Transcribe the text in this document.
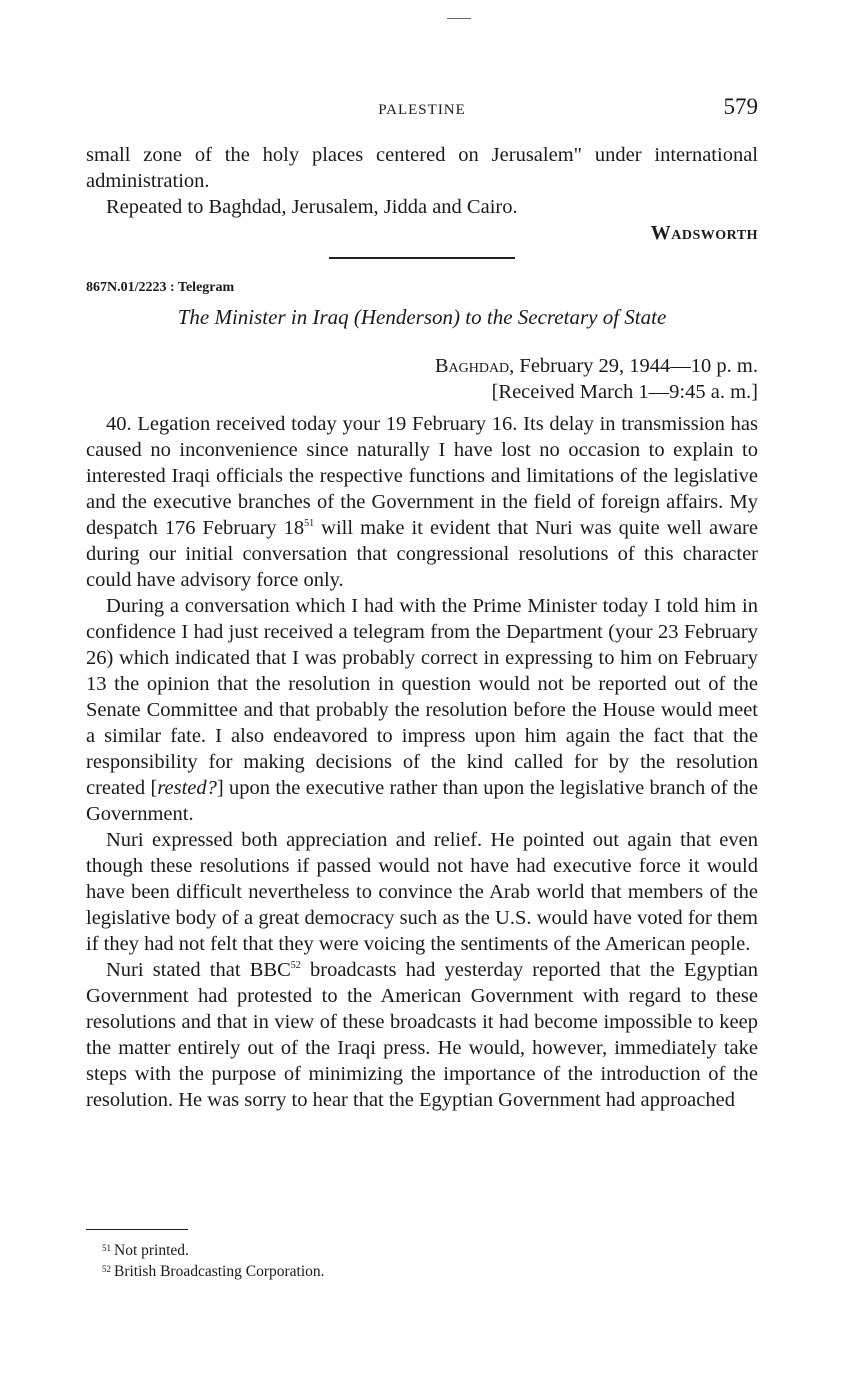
PALESTINE	579

small zone of the holy places centered on Jerusalem" under international administration.

Repeated to Baghdad, Jerusalem, Jidda and Cairo.

Wadsworth
867N.01/2223 : Telegram
The Minister in Iraq (Henderson) to the Secretary of State
Baghdad, February 29, 1944—10 p. m.
[Received March 1—9:45 a. m.]

40. Legation received today your 19 February 16. Its delay in transmission has caused no inconvenience since naturally I have lost no occasion to explain to interested Iraqi officials the respective functions and limitations of the legislative and the executive branches of the Government in the field of foreign affairs. My despatch 176 February $18^{51}$ will make it evident that Nuri was quite well aware during our initial conversation that congressional resolutions of this character could have advisory force only.

During a conversation which I had with the Prime Minister today I told him in confidence I had just received a telegram from the Department (your 23 February 26) which indicated that I was probably correct in expressing to him on February 13 the opinion that the resolution in question would not be reported out of the Senate Committee and that probably the resolution before the House would meet a similar fate. I also endeavored to impress upon him again the fact that the responsibility for making decisions of the kind called for by the resolution created [rested?] upon the executive rather than upon the legislative branch of the Government.

Nuri expressed both appreciation and relief. He pointed out again that even though these resolutions if passed would not have had executive force it would have been difficult nevertheless to convince the Arab world that members of the legislative body of a great democracy such as the U.S. would have voted for them if they had not felt that they were voicing the sentiments of the American people.

Nuri stated that BBC$^{52}$ broadcasts had yesterday reported that the Egyptian Government had protested to the American Government with regard to these resolutions and that in view of these broadcasts it had become impossible to keep the matter entirely out of the Iraqi press. He would, however, immediately take steps with the purpose of minimizing the importance of the introduction of the resolution. He was sorry to hear that the Egyptian Government had approached

$^{51}$ Not printed.
$^{52}$ British Broadcasting Corporation.
